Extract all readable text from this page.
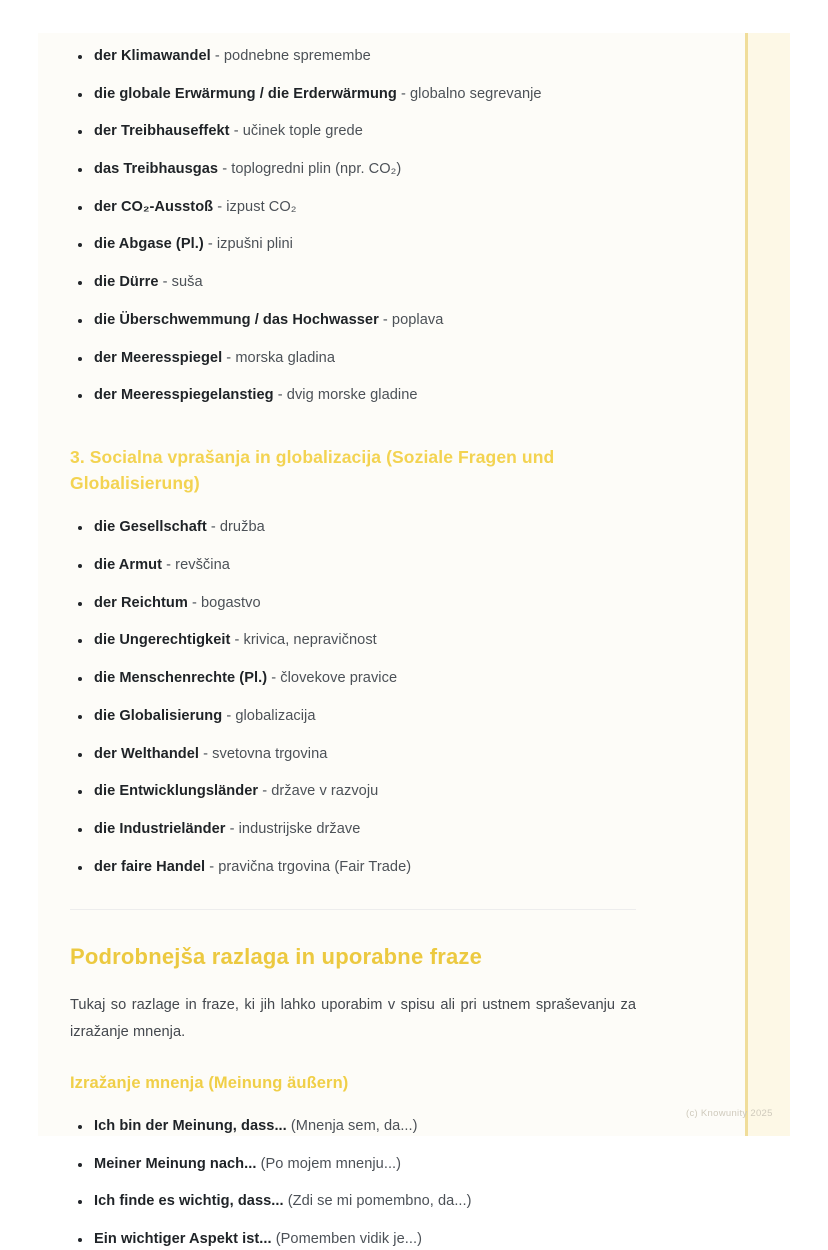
der Klimawandel - podnebne spremembe
die globale Erwärmung / die Erderwärmung - globalno segrevanje
der Treibhauseffekt - učinek tople grede
das Treibhausgas - toplogredni plin (npr. CO₂)
der CO₂-Ausstoß - izpust CO₂
die Abgase (Pl.) - izpušni plini
die Dürre - suša
die Überschwemmung / das Hochwasser - poplava
der Meeresspiegel - morska gladina
der Meeresspiegelanstieg - dvig morske gladine
3. Socialna vprašanja in globalizacija (Soziale Fragen und Globalisierung)
die Gesellschaft - družba
die Armut - revščina
der Reichtum - bogastvo
die Ungerechtigkeit - krivica, nepravičnost
die Menschenrechte (Pl.) - človekove pravice
die Globalisierung - globalizacija
der Welthandel - svetovna trgovina
die Entwicklungsländer - države v razvoju
die Industrieländer - industrijske države
der faire Handel - pravična trgovina (Fair Trade)
Podrobnejša razlaga in uporabne fraze

Tukaj so razlage in fraze, ki jih lahko uporabim v spisu ali pri ustnem spraševanju za izražanje mnenja.

Izražanje mnenja (Meinung äußern)
Ich bin der Meinung, dass... (Mnenja sem, da...)
Meiner Meinung nach... (Po mojem mnenju...)
Ich finde es wichtig, dass... (Zdi se mi pomembno, da...)
Ein wichtiger Aspekt ist... (Pomemben vidik je...)
(c) Knowunity 2025
